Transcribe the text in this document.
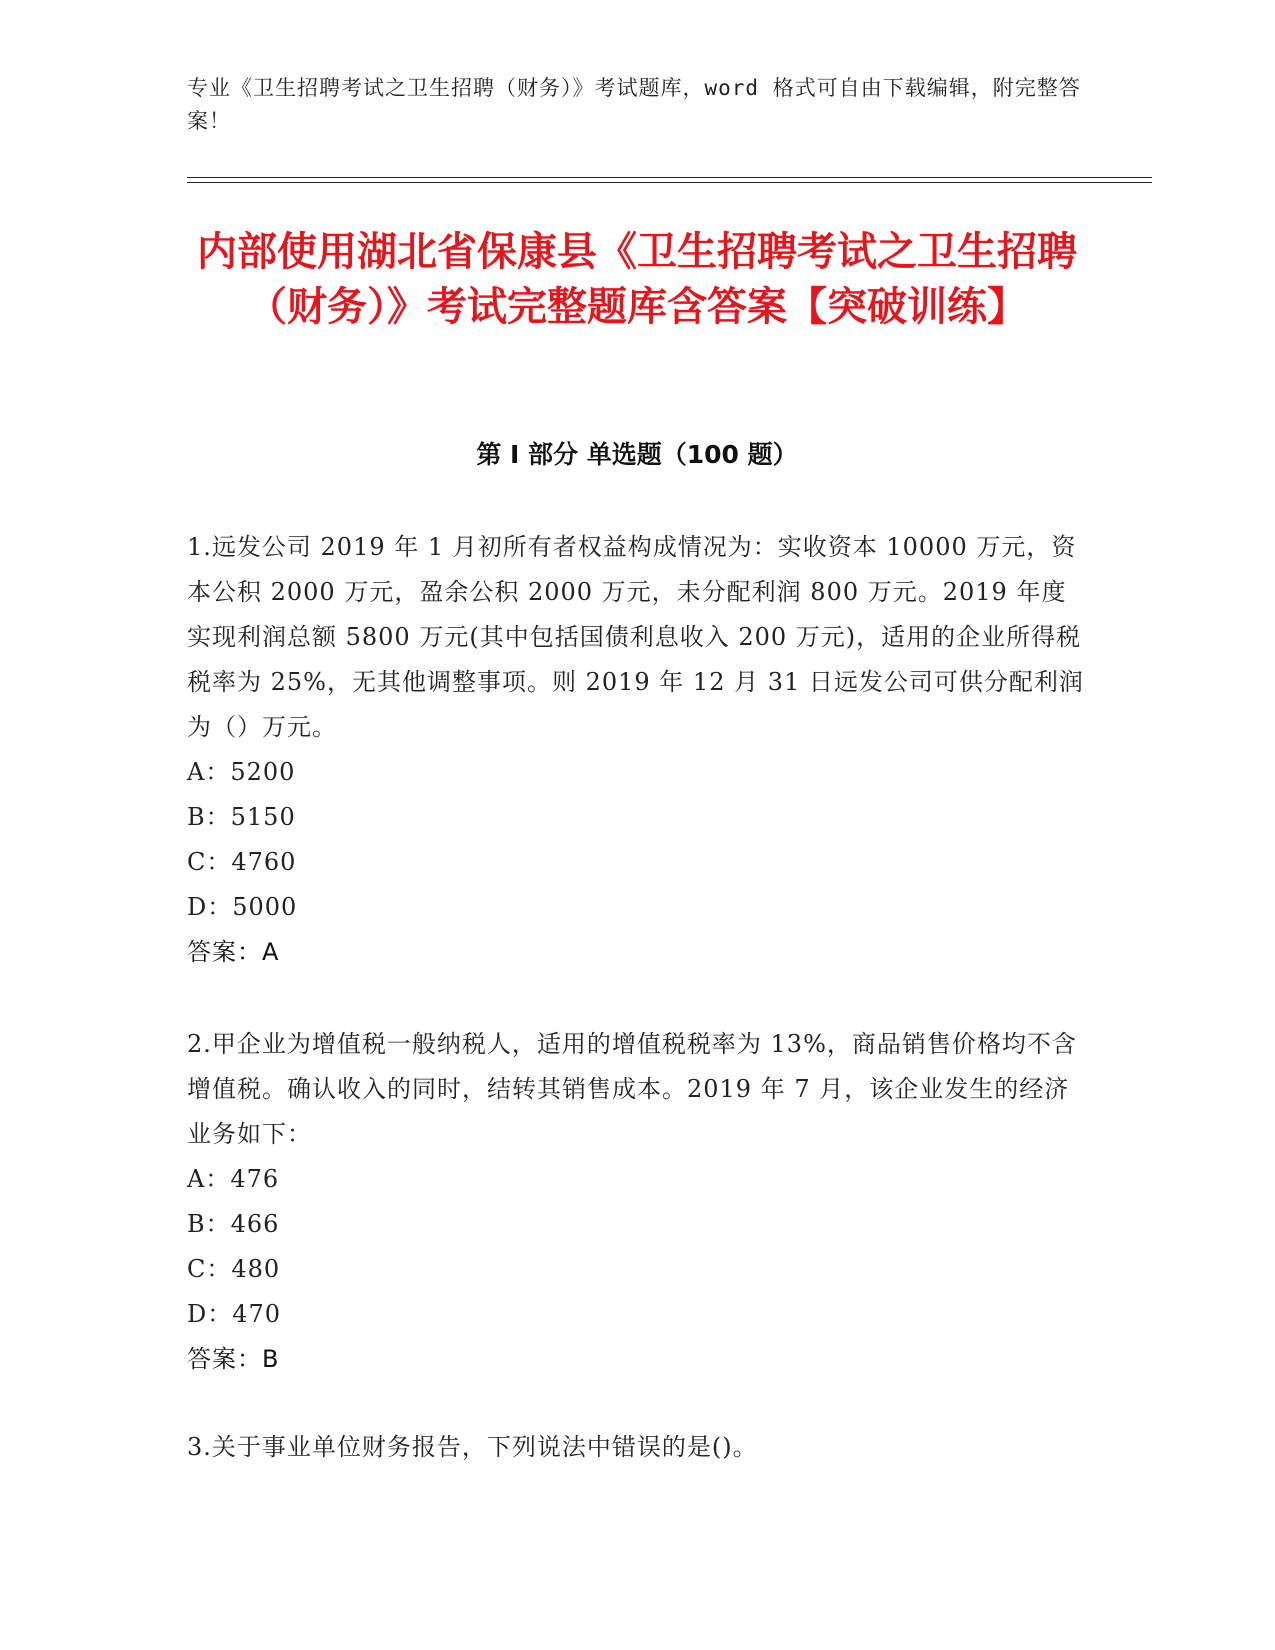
专业《卫生招聘考试之卫生招聘（财务）》考试题库，word 格式可自由下载编辑，附完整答案！
内部使用湖北省保康县《卫生招聘考试之卫生招聘（财务）》考试完整题库含答案【突破训练】
第 I 部分 单选题（100 题）

1.远发公司 2019 年 1 月初所有者权益构成情况为：实收资本 10000 万元，资本公积 2000 万元，盈余公积 2000 万元，未分配利润 800 万元。2019 年度实现利润总额 5800 万元(其中包括国债利息收入 200 万元)，适用的企业所得税税率为 25%，无其他调整事项。则 2019 年 12 月 31 日远发公司可供分配利润为（）万元。

A：5200

B：5150

C：4760

D：5000

答案：A

2.甲企业为增值税一般纳税人，适用的增值税税率为 13%，商品销售价格均不含增值税。确认收入的同时，结转其销售成本。2019 年 7 月，该企业发生的经济业务如下：

A：476

B：466

C：480

D：470

答案：B

3.关于事业单位财务报告，下列说法中错误的是()。
